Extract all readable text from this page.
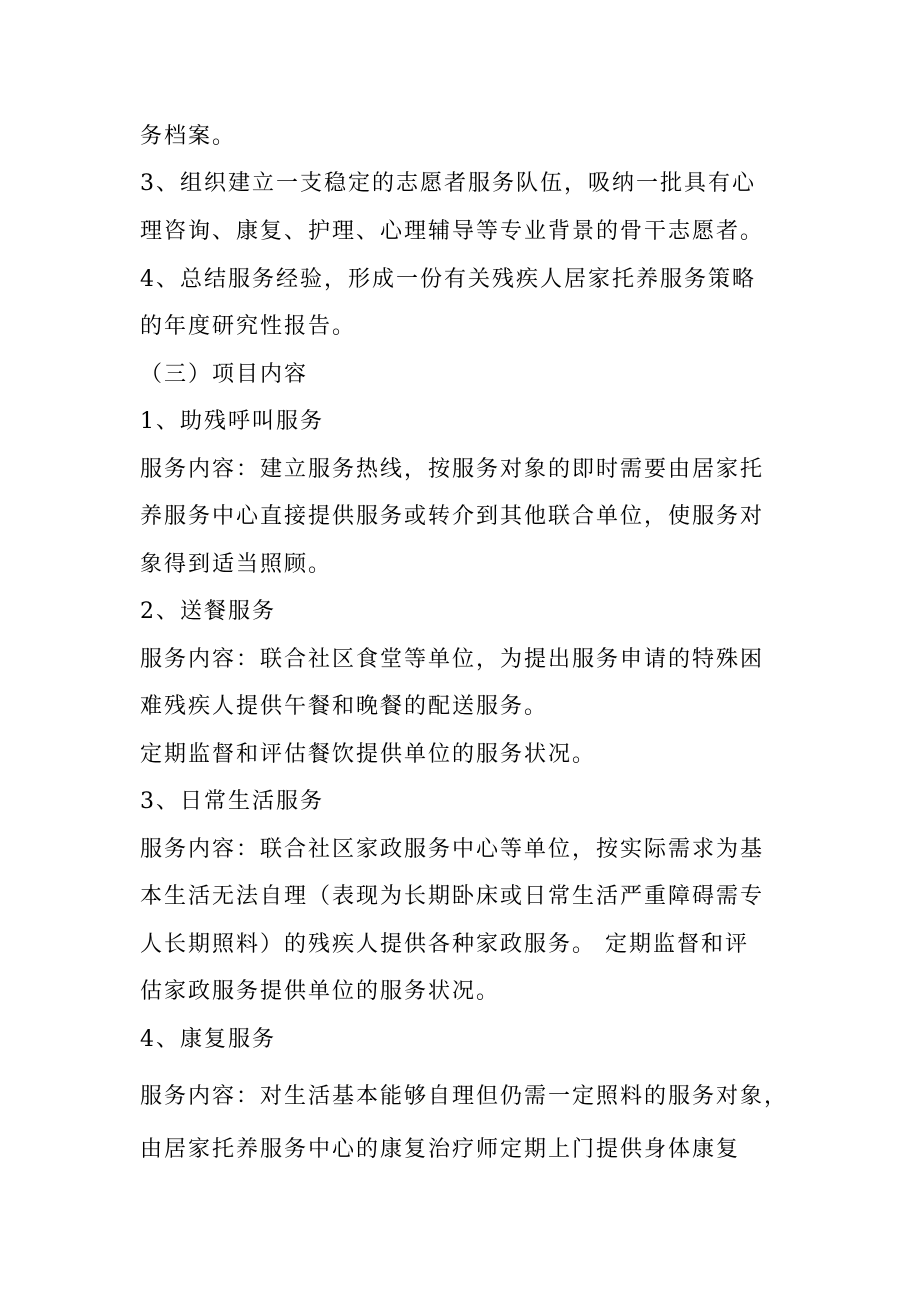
务档案。
3、组织建立一支稳定的志愿者服务队伍，吸纳一批具有心
理咨询、康复、护理、心理辅导等专业背景的骨干志愿者。
4、总结服务经验，形成一份有关残疾人居家托养服务策略
的年度研究性报告。
（三）项目内容
1、助残呼叫服务
服务内容：建立服务热线，按服务对象的即时需要由居家托
养服务中心直接提供服务或转介到其他联合单位，使服务对
象得到适当照顾。
2、送餐服务
服务内容：联合社区食堂等单位，为提出服务申请的特殊困
难残疾人提供午餐和晚餐的配送服务。
定期监督和评估餐饮提供单位的服务状况。
3、日常生活服务
服务内容：联合社区家政服务中心等单位，按实际需求为基
本生活无法自理（表现为长期卧床或日常生活严重障碍需专
人长期照料）的残疾人提供各种家政服务。 定期监督和评
估家政服务提供单位的服务状况。
4、康复服务
服务内容：对生活基本能够自理但仍需一定照料的服务对象，
由居家托养服务中心的康复治疗师定期上门提供身体康复
